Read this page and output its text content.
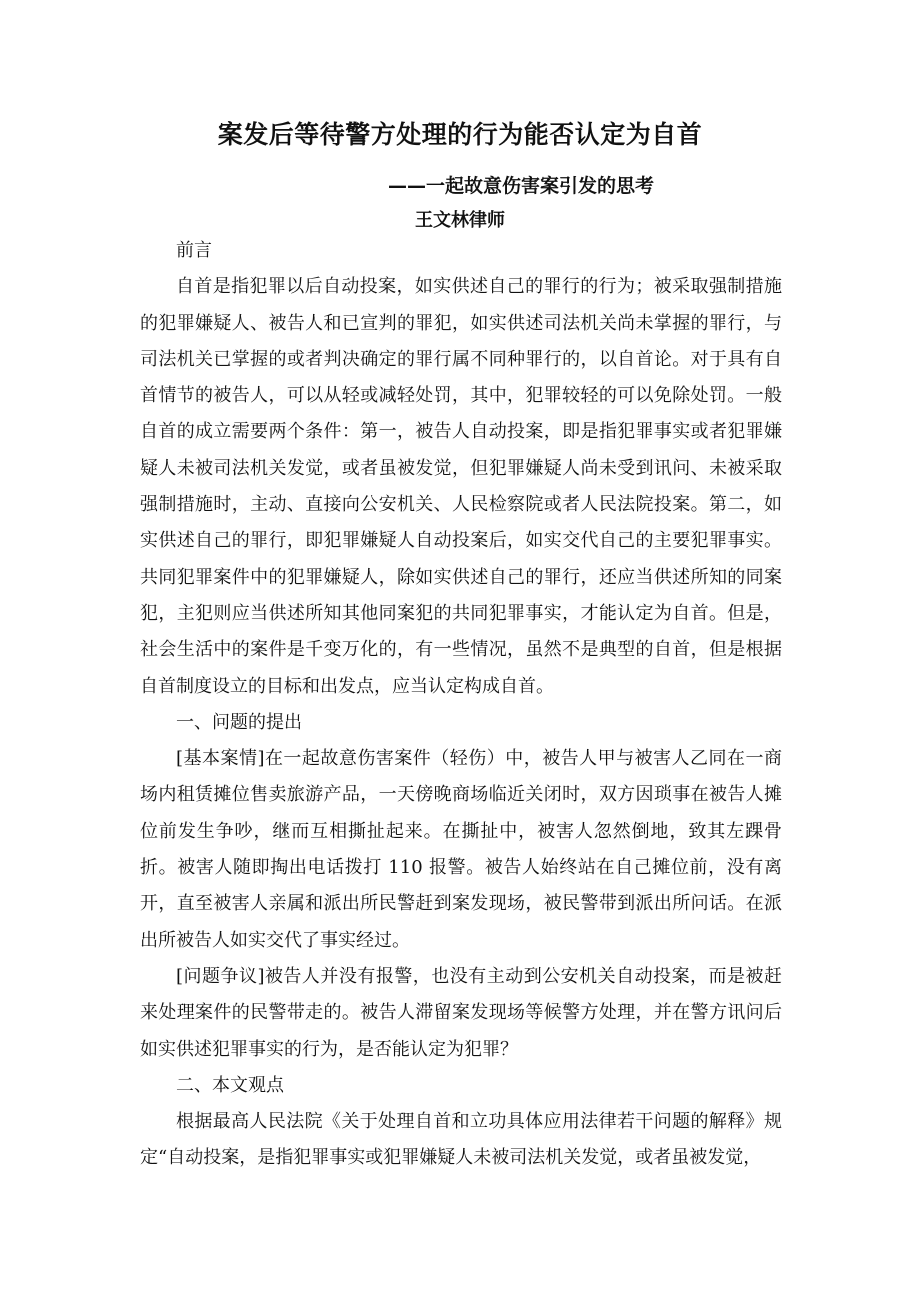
案发后等待警方处理的行为能否认定为自首
——一起故意伤害案引发的思考
王文林律师

前言

自首是指犯罪以后自动投案，如实供述自己的罪行的行为；被采取强制措施的犯罪嫌疑人、被告人和已宣判的罪犯，如实供述司法机关尚未掌握的罪行，与司法机关已掌握的或者判决确定的罪行属不同种罪行的，以自首论。对于具有自首情节的被告人，可以从轻或减轻处罚，其中，犯罪较轻的可以免除处罚。一般自首的成立需要两个条件：第一，被告人自动投案，即是指犯罪事实或者犯罪嫌疑人未被司法机关发觉，或者虽被发觉，但犯罪嫌疑人尚未受到讯问、未被采取强制措施时，主动、直接向公安机关、人民检察院或者人民法院投案。第二，如实供述自己的罪行，即犯罪嫌疑人自动投案后，如实交代自己的主要犯罪事实。共同犯罪案件中的犯罪嫌疑人，除如实供述自己的罪行，还应当供述所知的同案犯，主犯则应当供述所知其他同案犯的共同犯罪事实，才能认定为自首。但是，社会生活中的案件是千变万化的，有一些情况，虽然不是典型的自首，但是根据自首制度设立的目标和出发点，应当认定构成自首。

一、问题的提出

[基本案情]在一起故意伤害案件（轻伤）中，被告人甲与被害人乙同在一商场内租赁摊位售卖旅游产品，一天傍晚商场临近关闭时，双方因琐事在被告人摊位前发生争吵，继而互相撕扯起来。在撕扯中，被害人忽然倒地，致其左踝骨折。被害人随即掏出电话拨打 110 报警。被告人始终站在自己摊位前，没有离开，直至被害人亲属和派出所民警赶到案发现场，被民警带到派出所问话。在派出所被告人如实交代了事实经过。

[问题争议]被告人并没有报警，也没有主动到公安机关自动投案，而是被赶来处理案件的民警带走的。被告人滞留案发现场等候警方处理，并在警方讯问后如实供述犯罪事实的行为，是否能认定为犯罪？

二、本文观点

根据最高人民法院《关于处理自首和立功具体应用法律若干问题的解释》规定“自动投案，是指犯罪事实或犯罪嫌疑人未被司法机关发觉，或者虽被发觉，
